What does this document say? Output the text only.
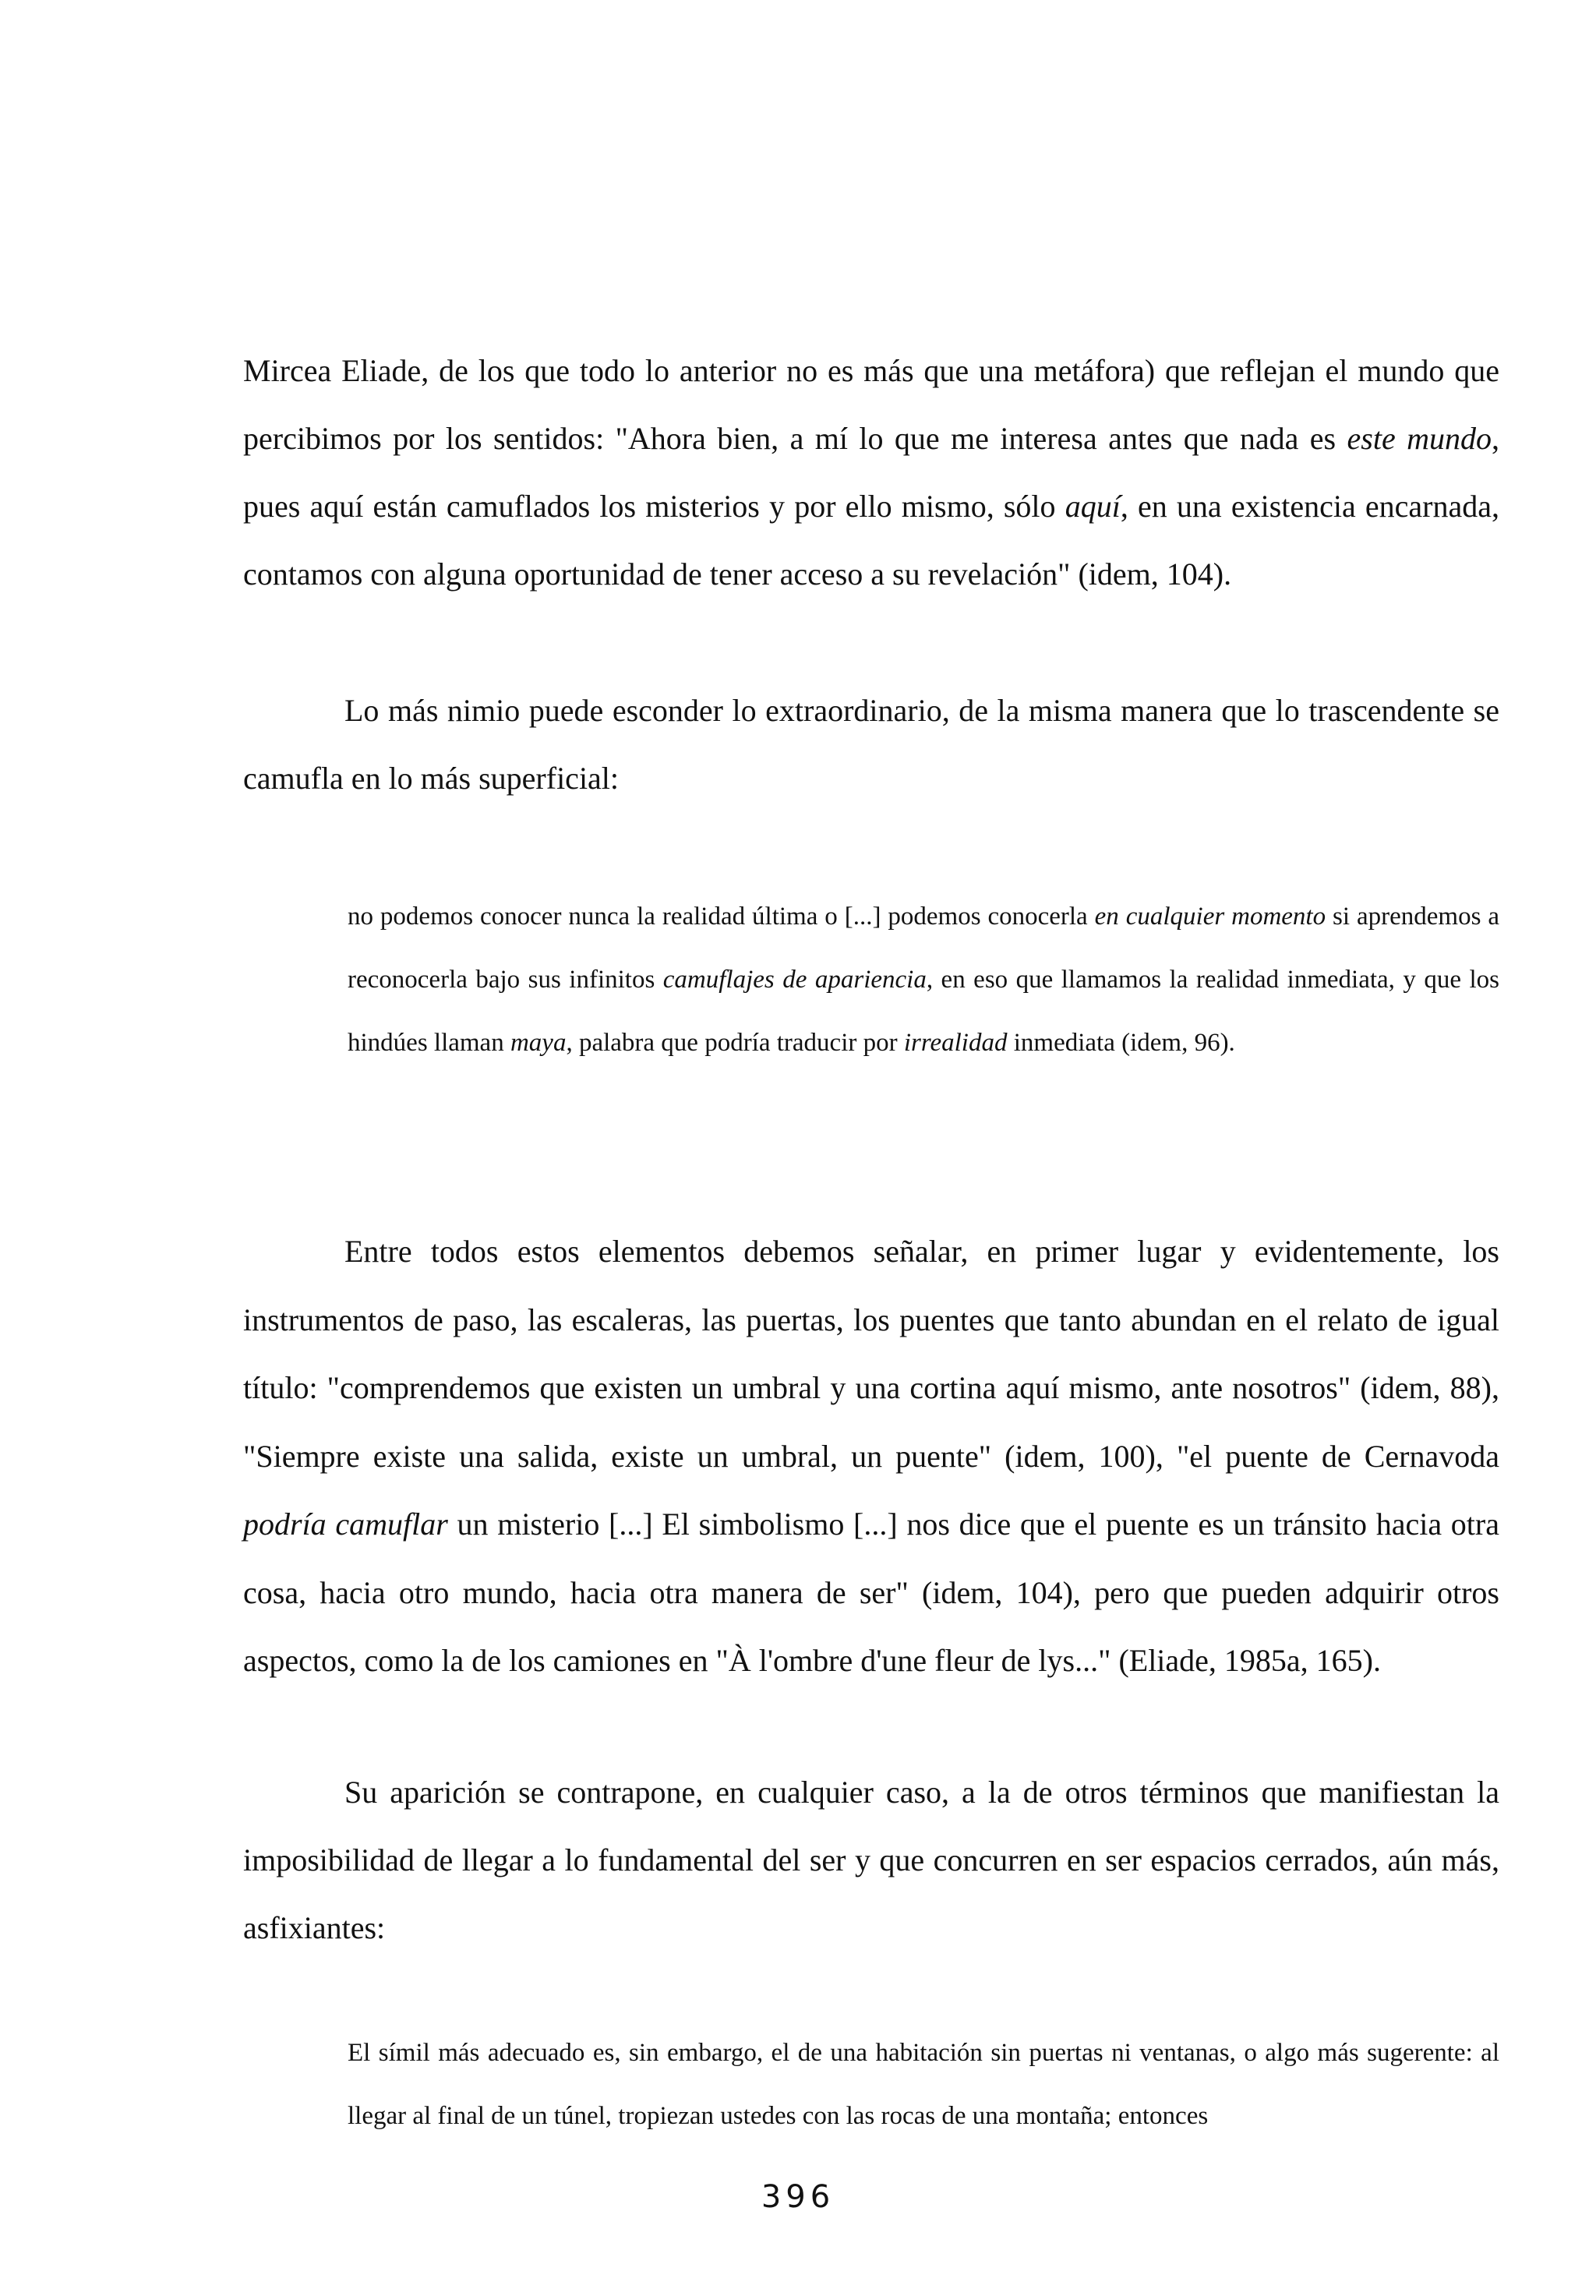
Mircea Eliade, de los que todo lo anterior no es más que una metáfora) que reflejan el mundo que percibimos por los sentidos: "Ahora bien, a mí lo que me interesa antes que nada es este mundo, pues aquí están camuflados los misterios y por ello mismo, sólo aquí, en una existencia encarnada, contamos con alguna oportunidad de tener acceso a su revelación" (idem, 104).

Lo más nimio puede esconder lo extraordinario, de la misma manera que lo trascendente se camufla en lo más superficial:

no podemos conocer nunca la realidad última o [...] podemos conocerla en cualquier momento si aprendemos a reconocerla bajo sus infinitos camuflajes de apariencia, en eso que llamamos la realidad inmediata, y que los hindúes llaman maya, palabra que podría traducir por irrealidad inmediata (idem, 96).

Entre todos estos elementos debemos señalar, en primer lugar y evidentemente, los instrumentos de paso, las escaleras, las puertas, los puentes que tanto abundan en el relato de igual título: "comprendemos que existen un umbral y una cortina aquí mismo, ante nosotros" (idem, 88), "Siempre existe una salida, existe un umbral, un puente" (idem, 100), "el puente de Cernavoda podría camuflar un misterio [...] El simbolismo [...] nos dice que el puente es un tránsito hacia otra cosa, hacia otro mundo, hacia otra manera de ser" (idem, 104), pero que pueden adquirir otros aspectos, como la de los camiones en "À l'ombre d'une fleur de lys..." (Eliade, 1985a, 165).

Su aparición se contrapone, en cualquier caso, a la de otros términos que manifiestan la imposibilidad de llegar a lo fundamental del ser y que concurren en ser espacios cerrados, aún más, asfixiantes:

El símil más adecuado es, sin embargo, el de una habitación sin puertas ni ventanas, o algo más sugerente: al llegar al final de un túnel, tropiezan ustedes con las rocas de una montaña; entonces

396
